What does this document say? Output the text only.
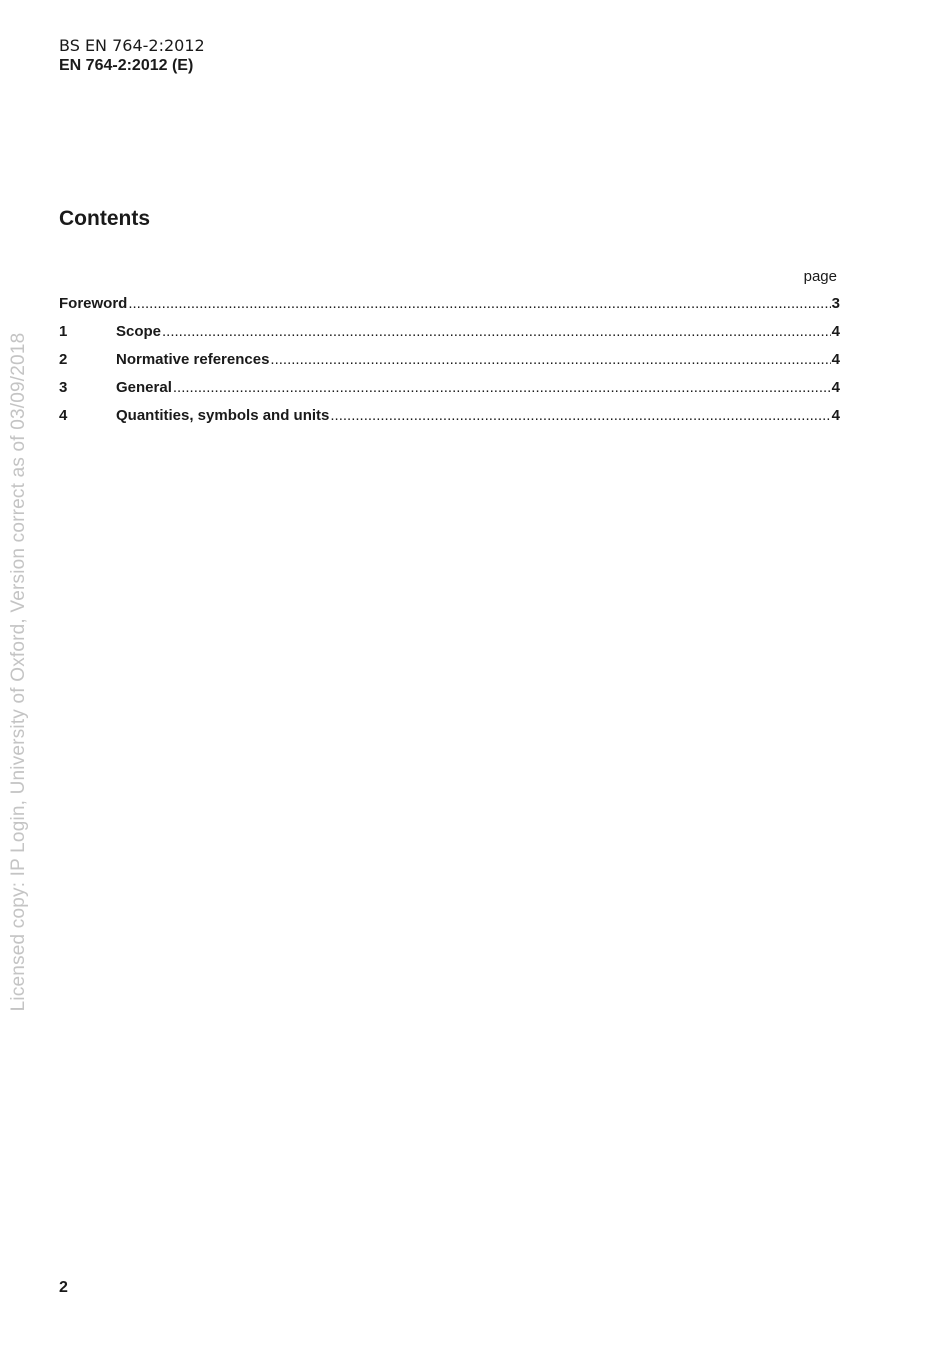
BS EN 764-2:2012
EN 764-2:2012 (E)
Contents
page
Foreword .....	3
1	Scope .....	4
2	Normative references .....	4
3	General .....	4
4	Quantities, symbols and units .....	4
Licensed copy: IP Login, University of Oxford, Version correct as of 03/09/2018
2
